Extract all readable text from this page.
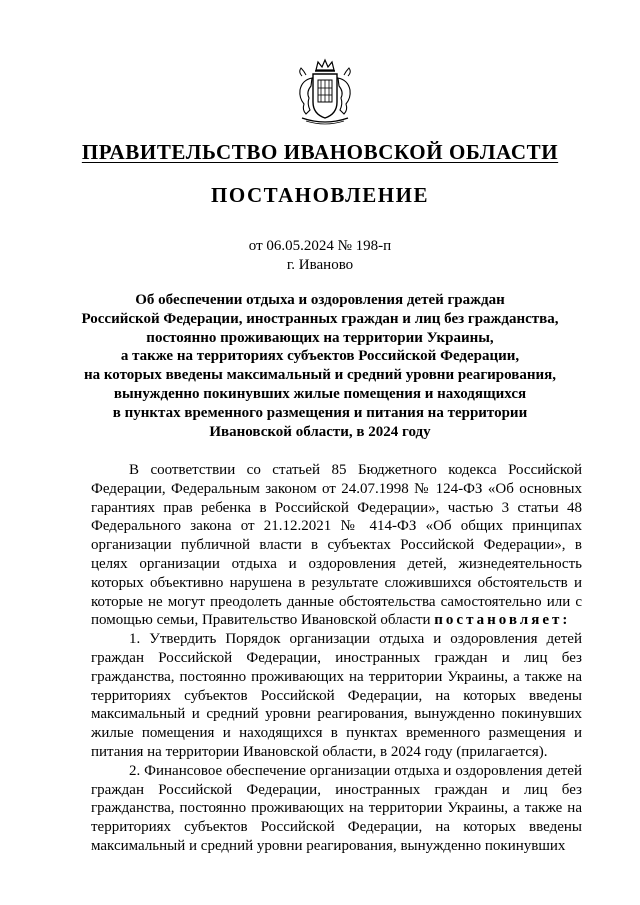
ПРАВИТЕЛЬСТВО ИВАНОВСКОЙ ОБЛАСТИ
ПОСТАНОВЛЕНИЕ
от 06.05.2024 № 198-п
г. Иваново
Об обеспечении отдыха и оздоровления детей граждан
Российской Федерации, иностранных граждан и лиц без гражданства,
постоянно проживающих на территории Украины,
а также на территориях субъектов Российской Федерации,
на которых введены максимальный и средний уровни реагирования,
вынужденно покинувших жилые помещения и находящихся
в пунктах временного размещения и питания на территории
Ивановской области, в 2024 году

В соответствии со статьей 85 Бюджетного кодекса Российской Федерации, Федеральным законом от 24.07.1998 № 124-ФЗ «Об основных гарантиях прав ребенка в Российской Федерации», частью 3 статьи 48 Федерального закона от 21.12.2021 № 414-ФЗ «Об общих принципах организации публичной власти в субъектах Российской Федерации», в целях организации отдыха и оздоровления детей, жизнедеятельность которых объективно нарушена в результате сложившихся обстоятельств и которые не могут преодолеть данные обстоятельства самостоятельно или с помощью семьи, Правительство Ивановской области постановляет:

1. Утвердить Порядок организации отдыха и оздоровления детей граждан Российской Федерации, иностранных граждан и лиц без гражданства, постоянно проживающих на территории Украины, а также на территориях субъектов Российской Федерации, на которых введены максимальный и средний уровни реагирования, вынужденно покинувших жилые помещения и находящихся в пунктах временного размещения и питания на территории Ивановской области, в 2024 году (прилагается).

2. Финансовое обеспечение организации отдыха и оздоровления детей граждан Российской Федерации, иностранных граждан и лиц без гражданства, постоянно проживающих на территории Украины, а также на территориях субъектов Российской Федерации, на которых введены максимальный и средний уровни реагирования, вынужденно покинувших
